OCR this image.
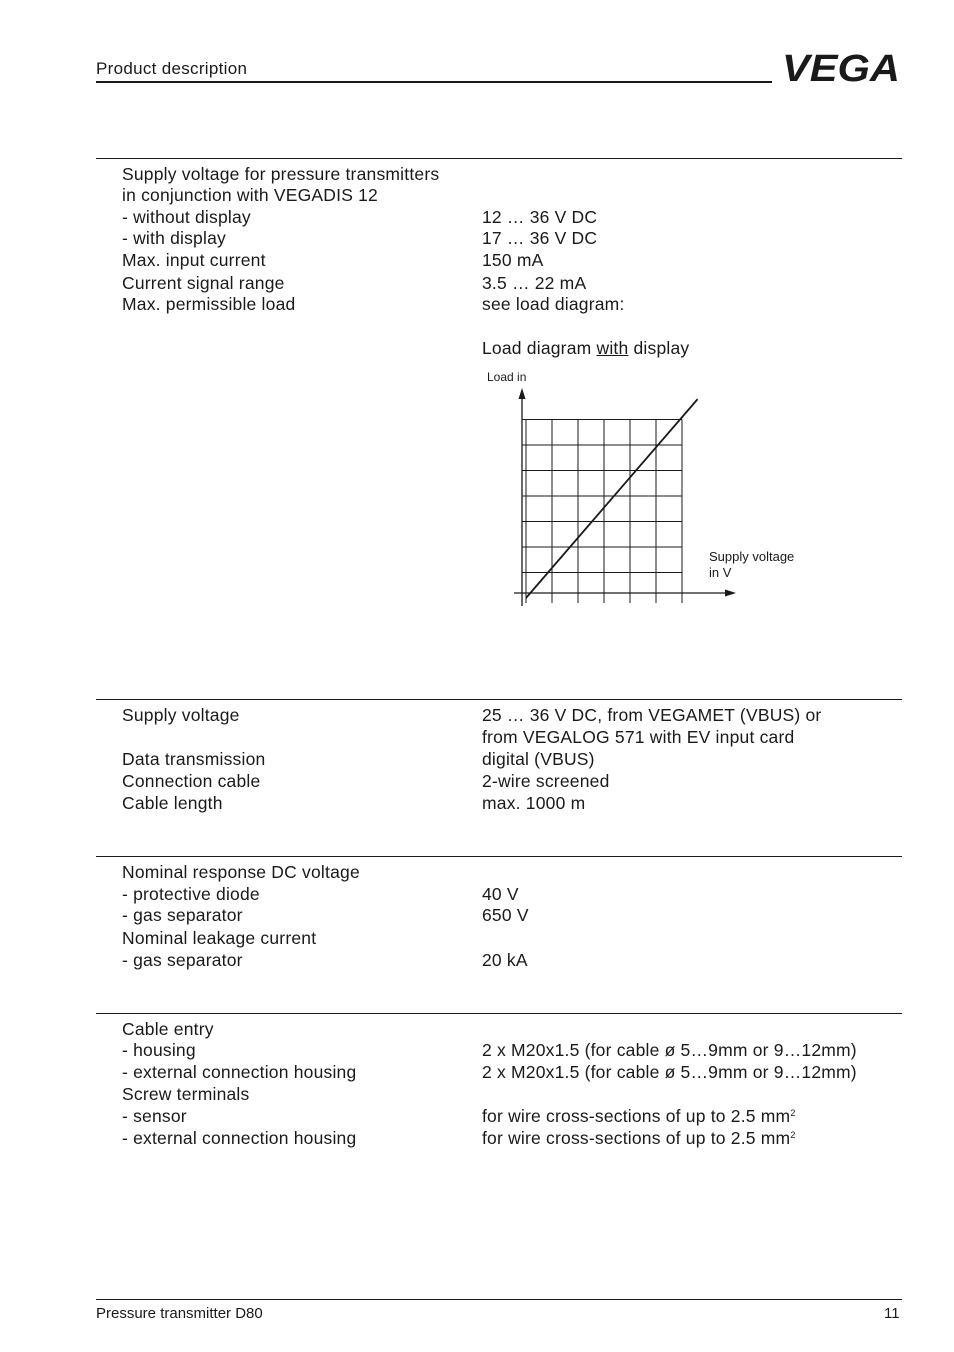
Product description	VEGA
Supply voltage for pressure transmitters
in conjunction with VEGADIS 12
- without display	12 … 36 V DC
- with display	17 … 36 V DC
Max. input current	150 mA
Current signal range	3.5 … 22 mA
Max. permissible load	see load diagram:
Load diagram with display
Load in
Supply voltage
in V
Supply voltage	25 … 36 V DC, from VEGAMET (VBUS) or
from VEGALOG 571 with EV input card
Data transmission	digital (VBUS)
Connection cable	2-wire screened
Cable length	max. 1000 m
Nominal response DC voltage
- protective diode	40 V
- gas separator	650 V
Nominal leakage current
- gas separator	20 kA
Cable entry
- housing	2 x M20x1.5 (for cable ø 5…9mm or 9…12mm)
- external connection housing	2 x M20x1.5 (for cable ø 5…9mm or 9…12mm)
Screw terminals
- sensor	for wire cross-sections of up to 2.5 $mm^2$
- external connection housing	for wire cross-sections of up to 2.5 $mm^2$
Pressure transmitter D80	11
